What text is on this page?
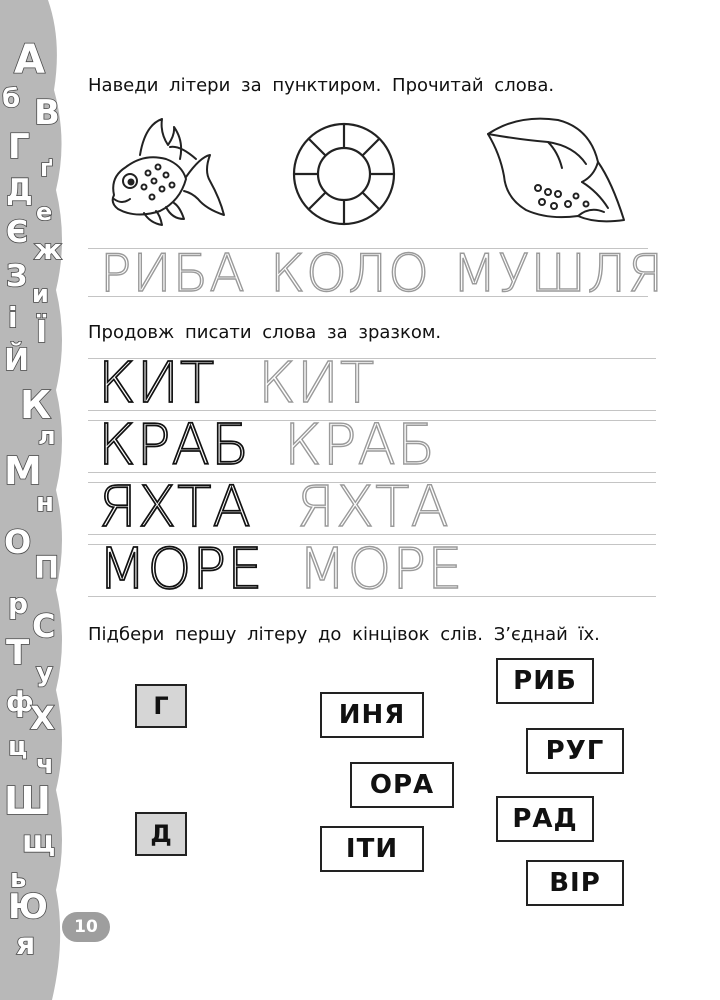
А
б В
Г
ґ
Д
е
Є ж
З и
і Ї
Й
К
л
М
н
О
П
р
С
Т у
ф
Х
ц
ч
Ш
щ
ь
Ю
я	10
Наведи літери за пунктиром. Прочитай слова.
РИБА КОЛО МУШЛЯ
Продовж писати слова за зразком.
КИТ КИТ
КРАБ КРАБ
ЯХТА ЯХТА
МОРЕ МОРЕ
Підбери першу літеру до кінцівок слів. З’єднай їх.
Г
Д
ИНЯ
ОРА
ІТИ
РИБ
РУГ
РАД
ВІР
